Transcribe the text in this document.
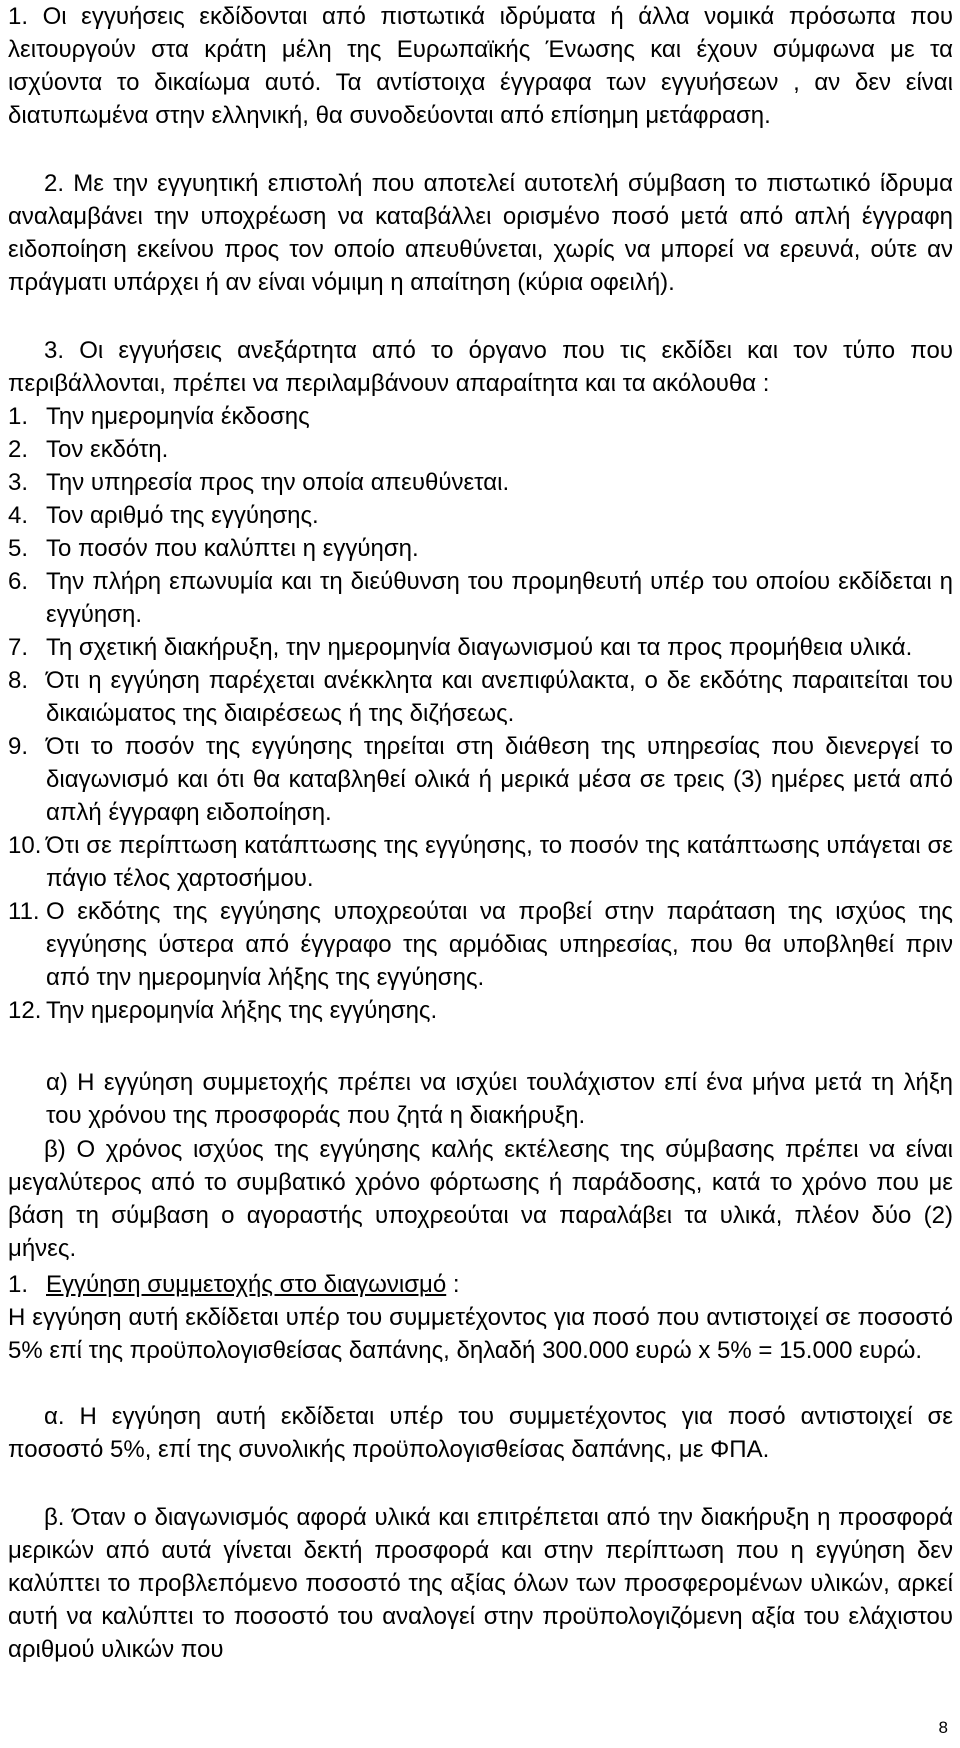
1. Οι εγγυήσεις εκδίδονται από πιστωτικά ιδρύματα ή άλλα νομικά πρόσωπα που λειτουργούν στα κράτη μέλη της Ευρωπαϊκής Ένωσης και έχουν σύμφωνα με τα ισχύοντα το δικαίωμα αυτό. Τα αντίστοιχα έγγραφα των εγγυήσεων , αν δεν είναι διατυπωμένα στην ελληνική, θα συνοδεύονται από επίσημη μετάφραση.

2. Με την εγγυητική επιστολή που αποτελεί αυτοτελή σύμβαση το πιστωτικό ίδρυμα αναλαμβάνει την υποχρέωση να καταβάλλει ορισμένο ποσό μετά από απλή έγγραφη ειδοποίηση εκείνου προς τον οποίο απευθύνεται, χωρίς να μπορεί να ερευνά, ούτε αν πράγματι υπάρχει ή αν είναι νόμιμη η απαίτηση (κύρια οφειλή).

3. Οι εγγυήσεις ανεξάρτητα από το όργανο που τις εκδίδει και τον τύπο που περιβάλλονται, πρέπει να περιλαμβάνουν απαραίτητα και τα ακόλουθα :

1. Την ημερομηνία έκδοσης
2. Τον εκδότη.
3. Την υπηρεσία προς την οποία απευθύνεται.
4. Τον αριθμό της εγγύησης.
5. Το ποσόν που καλύπτει η εγγύηση.
6. Την πλήρη επωνυμία και τη διεύθυνση του προμηθευτή υπέρ του οποίου εκδίδεται η εγγύηση.
7. Τη σχετική διακήρυξη, την ημερομηνία διαγωνισμού και τα προς προμήθεια υλικά.
8. Ότι η εγγύηση παρέχεται ανέκκλητα και ανεπιφύλακτα, ο δε εκδότης παραιτείται του δικαιώματος της διαιρέσεως ή της διζήσεως.
9. Ότι το ποσόν της εγγύησης τηρείται στη διάθεση της υπηρεσίας που διενεργεί το διαγωνισμό και ότι θα καταβληθεί ολικά ή μερικά μέσα σε τρεις (3) ημέρες μετά από απλή έγγραφη ειδοποίηση.
10. Ότι σε περίπτωση κατάπτωσης της εγγύησης, το ποσόν της κατάπτωσης υπάγεται σε πάγιο τέλος χαρτοσήμου.
11. Ο εκδότης της εγγύησης υποχρεούται να προβεί στην παράταση της ισχύος της εγγύησης ύστερα από έγγραφο της αρμόδιας υπηρεσίας, που θα υποβληθεί πριν από την ημερομηνία λήξης της εγγύησης.
12. Την ημερομηνία λήξης της εγγύησης.

α) Η εγγύηση συμμετοχής πρέπει να ισχύει τουλάχιστον επί ένα μήνα μετά τη λήξη του χρόνου της προσφοράς που ζητά η διακήρυξη.

β) Ο χρόνος ισχύος της εγγύησης καλής εκτέλεσης της σύμβασης πρέπει να είναι μεγαλύτερος από το συμβατικό χρόνο φόρτωσης ή παράδοσης, κατά το χρόνο που με βάση τη σύμβαση ο αγοραστής υποχρεούται να παραλάβει τα υλικά, πλέον δύο (2) μήνες.

1. Εγγύηση συμμετοχής στο διαγωνισμό :

Η εγγύηση αυτή εκδίδεται υπέρ του συμμετέχοντος για ποσό που αντιστοιχεί σε ποσοστό 5% επί της προϋπολογισθείσας δαπάνης, δηλαδή 300.000 ευρώ x 5% = 15.000 ευρώ.

α. Η εγγύηση αυτή εκδίδεται υπέρ του συμμετέχοντος για ποσό αντιστοιχεί σε ποσοστό 5%, επί της συνολικής προϋπολογισθείσας δαπάνης, με ΦΠΑ.

β. Όταν ο διαγωνισμός αφορά υλικά και επιτρέπεται από την διακήρυξη η προσφορά μερικών από αυτά γίνεται δεκτή προσφορά και στην περίπτωση που η εγγύηση δεν καλύπτει το προβλεπόμενο ποσοστό της αξίας όλων των προσφερομένων υλικών, αρκεί αυτή να καλύπτει το ποσοστό του αναλογεί στην προϋπολογιζόμενη αξία του ελάχιστου αριθμού υλικών που

8
